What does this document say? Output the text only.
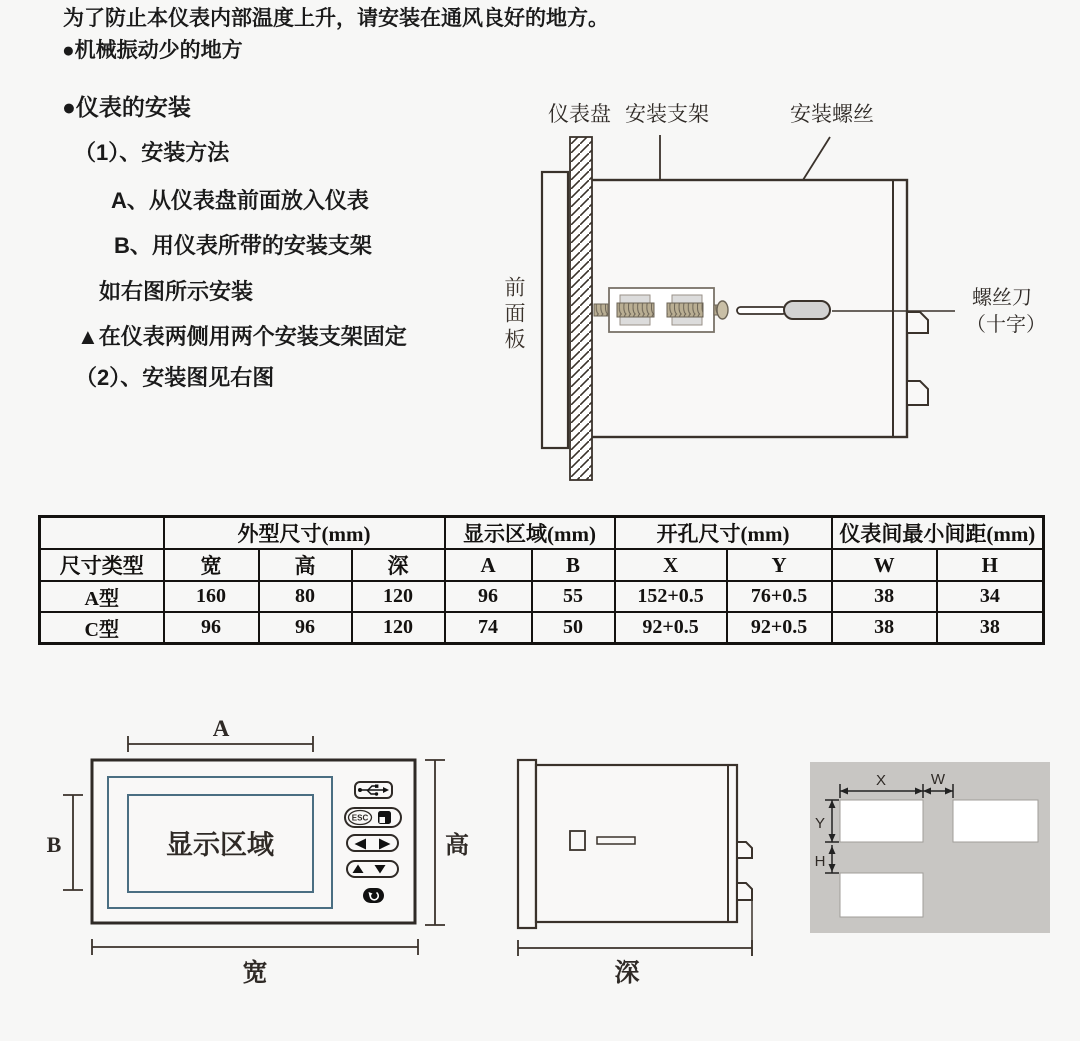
为了防止本仪表内部温度上升，请安装在通风良好的地方。
●机械振动少的地方
●仪表的安装
（1）、安装方法
A、从仪表盘前面放入仪表
B、用仪表所带的安装支架
如右图所示安装
▲在仪表两侧用两个安装支架固定
（2）、安装图见右图
前面板
仪表盘 安装支架	安装螺丝
螺丝刀
（十字）
	外型尺寸(mm)			显示区域(mm)		开孔尺寸(mm)		仪表间最小间距(mm)	
尺寸类型	宽	高	深	A	B	X	Y	W	H
A型	160	80	120	96	55	152+0.5	76+0.5	38	34
C型	96	96	120	74	50	92+0.5	92+0.5	38	38
A
显示区域
B
ESC
高
宽	深
X	W
Y
H
